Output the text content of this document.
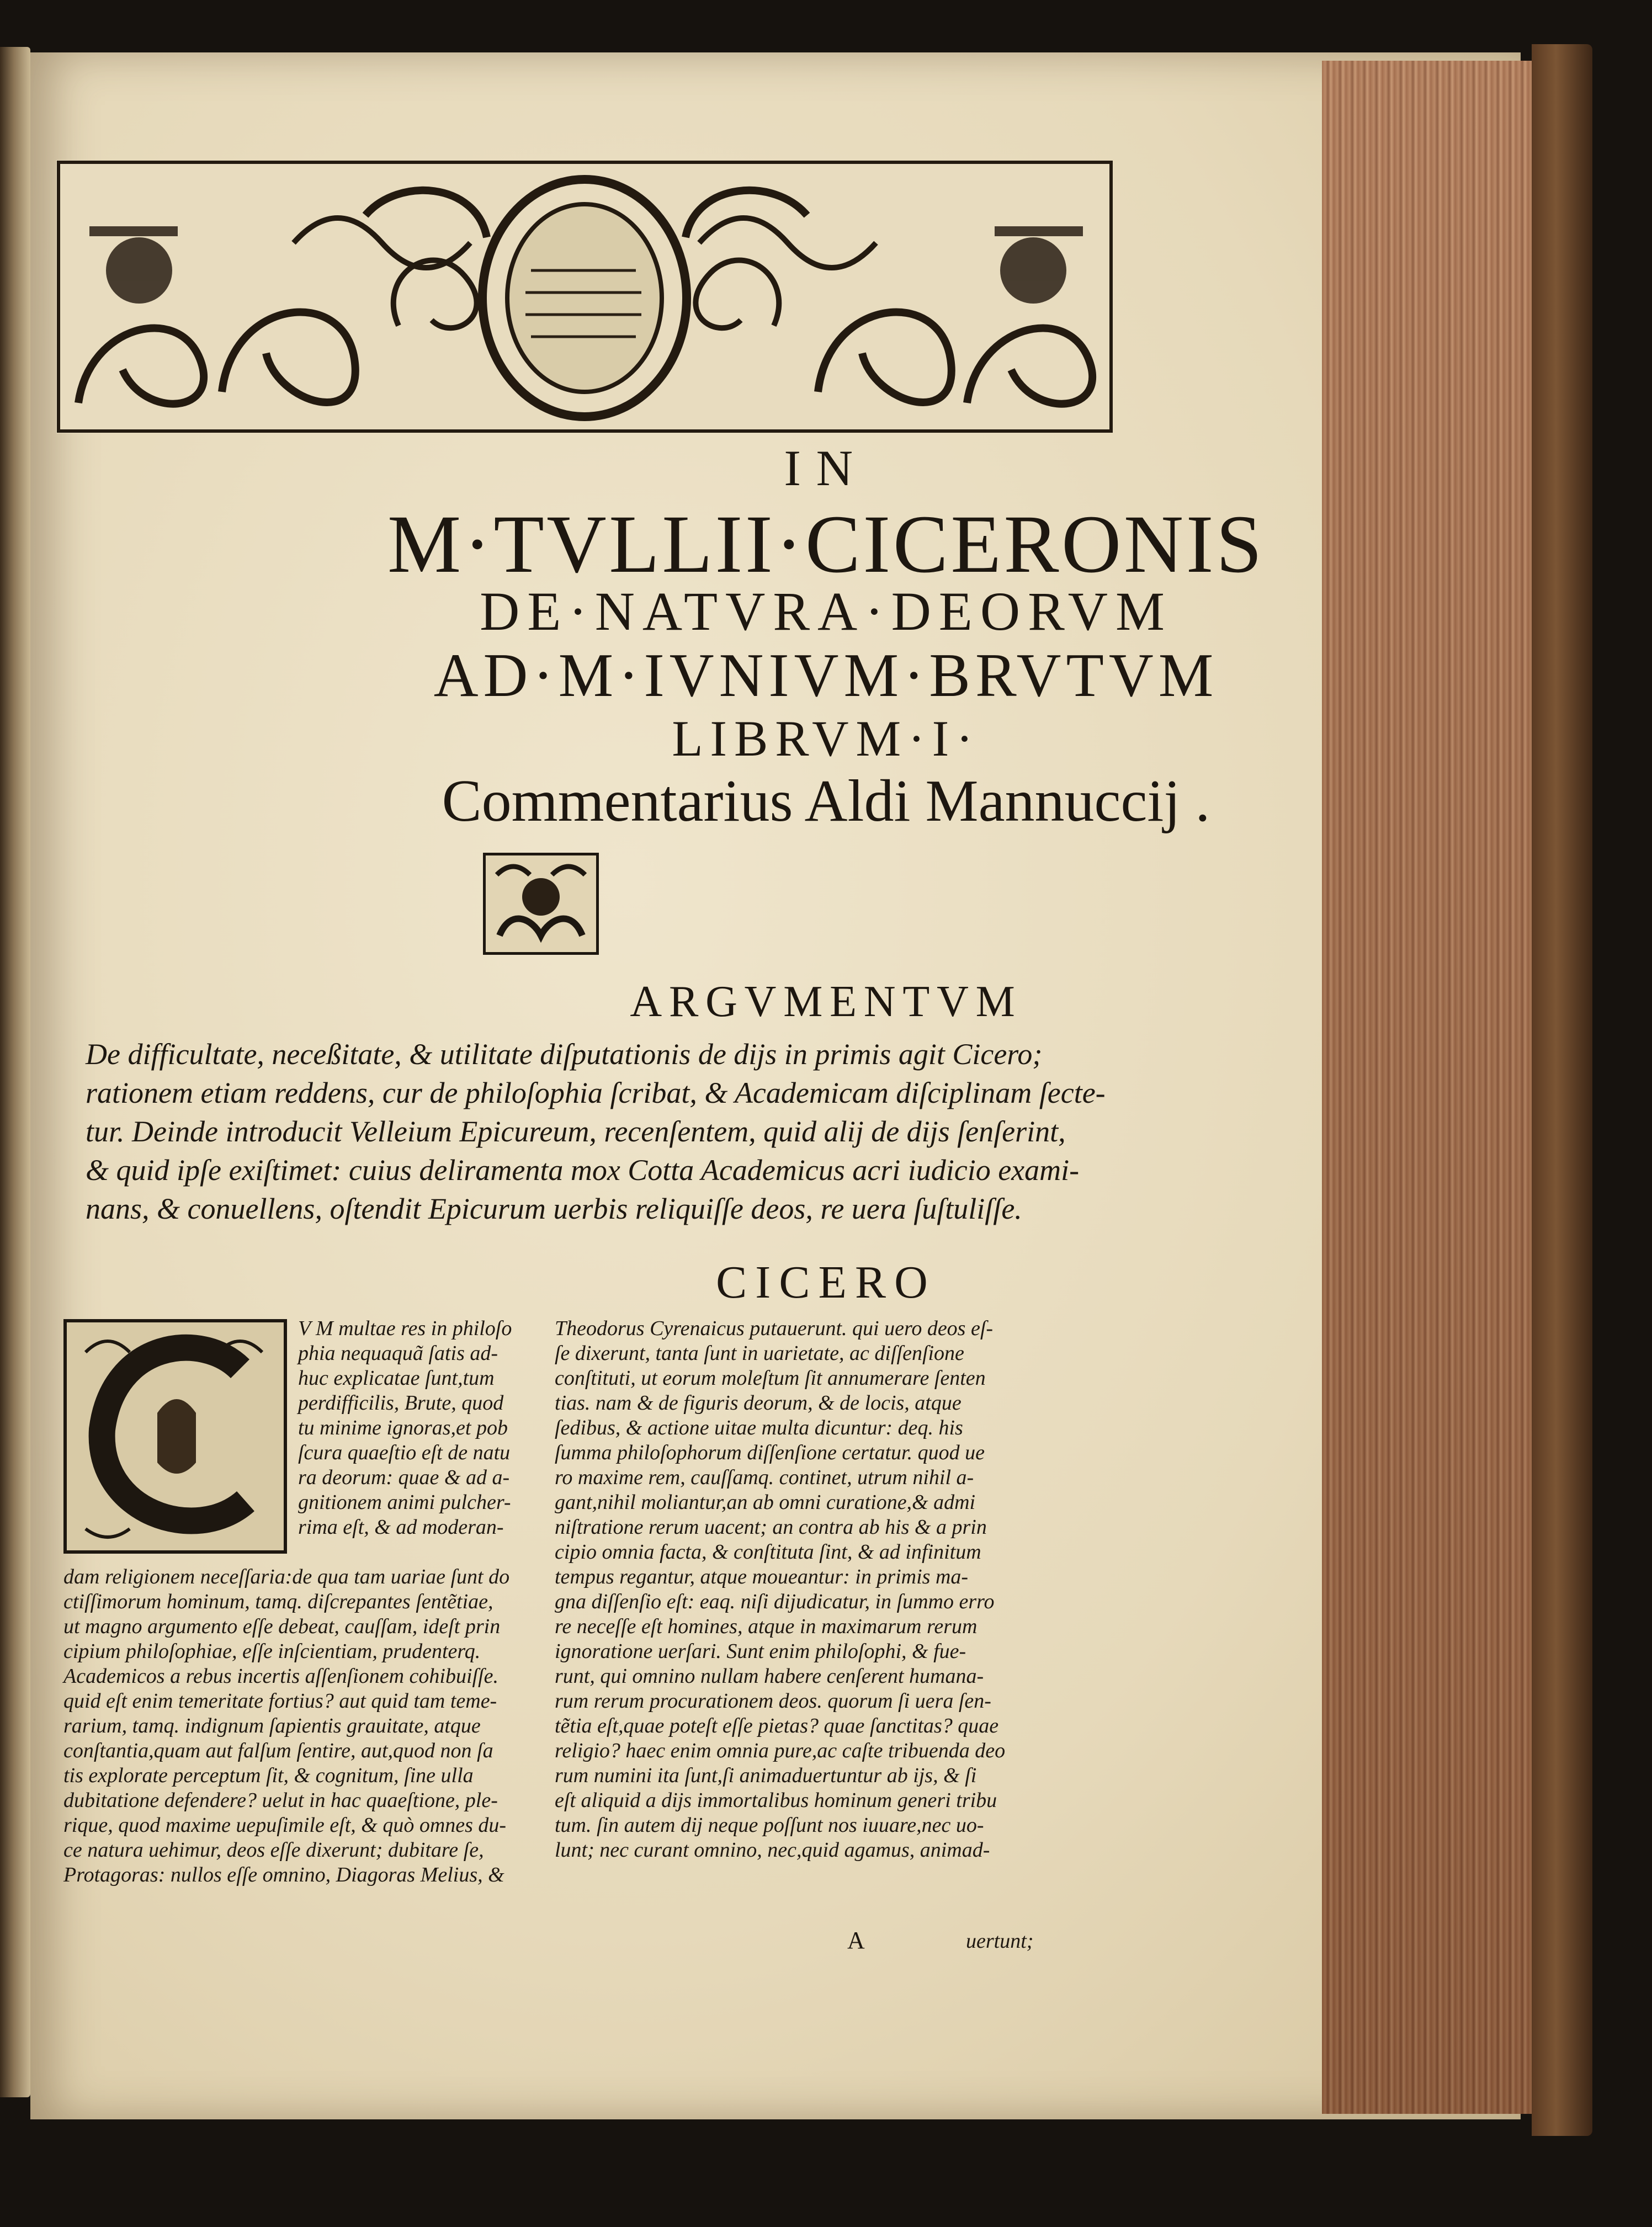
IN
M·TVLLII·CICERONIS
DE·NATVRA·DEORVM
AD·M·IVNIVM·BRVTVM
LIBRVM·I·
Commentarius Aldi Mannuccij .
ARGVMENTVM
De difficultate, neceßitate, & utilitate diſputationis de dijs in primis agit Cicero;
rationem etiam reddens, cur de philoſophia ſcribat, & Academicam diſciplinam ſecte-
tur. Deinde introducit Velleium Epicureum, recenſentem, quid alij de dijs ſenſerint,
& quid ipſe exiſtimet: cuius deliramenta mox Cotta Academicus acri iudicio exami-
nans, & conuellens, oſtendit Epicurum uerbis reliquiſſe deos, re uera ſuſtuliſſe.
CICERO
V M multae res in philoſo
phia nequaquã ſatis ad-
huc explicatae ſunt,tum
perdifficilis, Brute, quod
tu minime ignoras,et pob
ſcura quaeſtio eſt de natu
ra deorum: quae & ad a-
gnitionem animi pulcher-
rima eſt, & ad moderan-
dam religionem neceſſaria:de qua tam uariae ſunt do
ctiſſimorum hominum, tamq. diſcrepantes ſentẽtiae,
ut magno argumento eſſe debeat, cauſſam, ideſt prin
cipium philoſophiae, eſſe inſcientiam, prudenterq.
Academicos a rebus incertis aſſenſionem cohibuiſſe.
quid eſt enim temeritate fortius? aut quid tam teme-
rarium, tamq. indignum ſapientis grauitate, atque
conſtantia,quam aut falſum ſentire, aut,quod non ſa
tis explorate perceptum ſit, & cognitum, ſine ulla
dubitatione defendere? uelut in hac quaeſtione, ple-
rique, quod maxime uериſimile eſt, & quò omnes du-
ce natura uehimur, deos eſſe dixerunt; dubitare ſe,
Protagoras: nullos eſſe omnino, Diagoras Melius, &
Theodorus Cyrenaicus putauerunt. qui uero deos eſ-
ſe dixerunt, tanta ſunt in uarietate, ac diſſenſione
conſtituti, ut eorum moleſtum ſit annumerare ſenten
tias. nam & de figuris deorum, & de locis, atque
ſedibus, & actione uitae multa dicuntur: deq. his
ſumma philoſophorum diſſenſione certatur. quod ue
ro maxime rem, cauſſamq. continet, utrum nihil a-
gant,nihil moliantur,an ab omni curatione,& admi
niſtratione rerum uacent; an contra ab his & a prin
cipio omnia facta, & conſtituta ſint, & ad infinitum
tempus regantur, atque moueantur: in primis ma-
gna diſſenſio eſt: eaq. niſi dijudicatur, in ſummo erro
re neceſſe eſt homines, atque in maximarum rerum
ignoratione uerſari. Sunt enim philoſophi, & fue-
runt, qui omnino nullam habere cenſerent humana-
rum rerum procurationem deos. quorum ſi uera ſen-
tẽtia eſt,quae poteſt eſſe pietas? quae ſanctitas? quae
religio? haec enim omnia pure,ac caſte tribuenda deo
rum numini ita ſunt,ſi animaduertuntur ab ijs, & ſi
eſt aliquid a dijs immortalibus hominum generi tribu
tum. ſin autem dij neque poſſunt nos iuuare,nec uo-
lunt; nec curant omnino, nec,quid agamus, animad-
A	uertunt;
